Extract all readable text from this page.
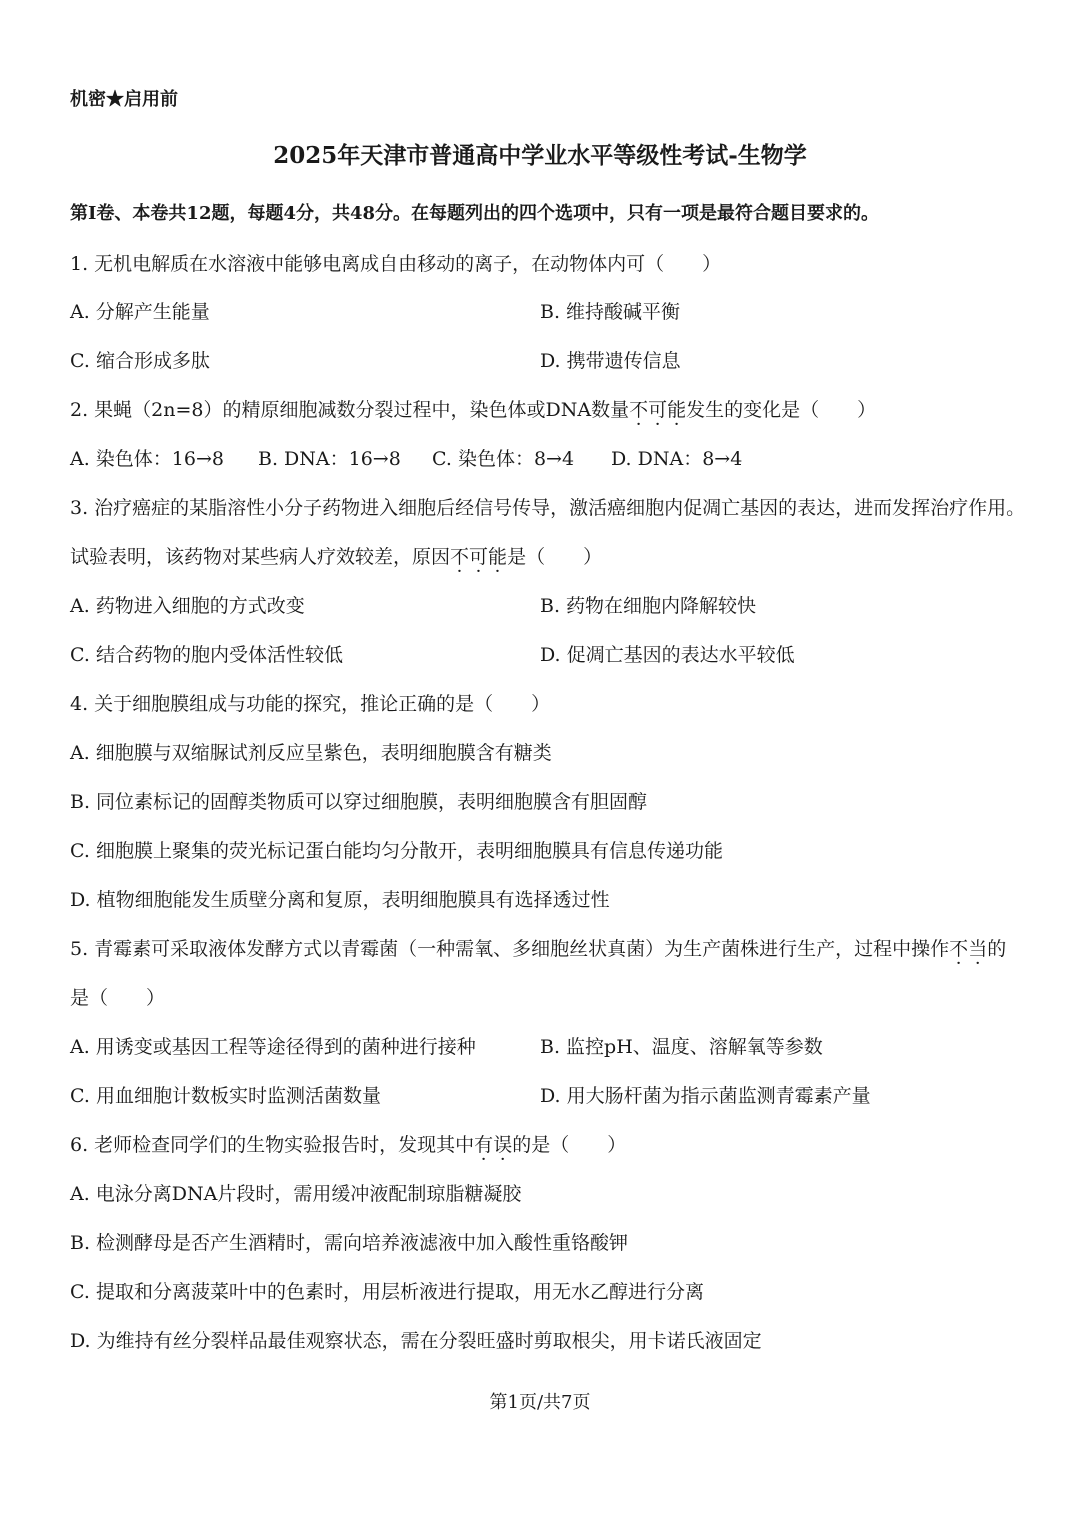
机密★启用前
2025年天津市普通高中学业水平等级性考试-生物学
第Ⅰ卷、本卷共12题，每题4分，共48分。在每题列出的四个选项中，只有一项是最符合题目要求的。
1. 无机电解质在水溶液中能够电离成自由移动的离子，在动物体内可（　　）
A. 分解产生能量	B. 维持酸碱平衡
C. 缩合形成多肽	D. 携带遗传信息
2. 果蝇（2n=8）的精原细胞减数分裂过程中，染色体或DNA数量不可能发生的变化是（　　）
A. 染色体：16→8 B. DNA：16→8 C. 染色体：8→4 D. DNA：8→4
3. 治疗癌症的某脂溶性小分子药物进入细胞后经信号传导，激活癌细胞内促凋亡基因的表达，进而发挥治疗作用。
试验表明，该药物对某些病人疗效较差，原因不可能是（　　）
A. 药物进入细胞的方式改变	B. 药物在细胞内降解较快
C. 结合药物的胞内受体活性较低	D. 促凋亡基因的表达水平较低
4. 关于细胞膜组成与功能的探究，推论正确的是（　　）
A. 细胞膜与双缩脲试剂反应呈紫色，表明细胞膜含有糖类
B. 同位素标记的固醇类物质可以穿过细胞膜，表明细胞膜含有胆固醇
C. 细胞膜上聚集的荧光标记蛋白能均匀分散开，表明细胞膜具有信息传递功能
D. 植物细胞能发生质壁分离和复原，表明细胞膜具有选择透过性
5. 青霉素可采取液体发酵方式以青霉菌（一种需氧、多细胞丝状真菌）为生产菌株进行生产，过程中操作不当的
是（　　）
A. 用诱变或基因工程等途径得到的菌种进行接种	B. 监控pH、温度、溶解氧等参数
C. 用血细胞计数板实时监测活菌数量	D. 用大肠杆菌为指示菌监测青霉素产量
6. 老师检查同学们的生物实验报告时，发现其中有误的是（　　）
A. 电泳分离DNA片段时，需用缓冲液配制琼脂糖凝胶
B. 检测酵母是否产生酒精时，需向培养液滤液中加入酸性重铬酸钾
C. 提取和分离菠菜叶中的色素时，用层析液进行提取，用无水乙醇进行分离
D. 为维持有丝分裂样品最佳观察状态，需在分裂旺盛时剪取根尖，用卡诺氏液固定
第1页/共7页
